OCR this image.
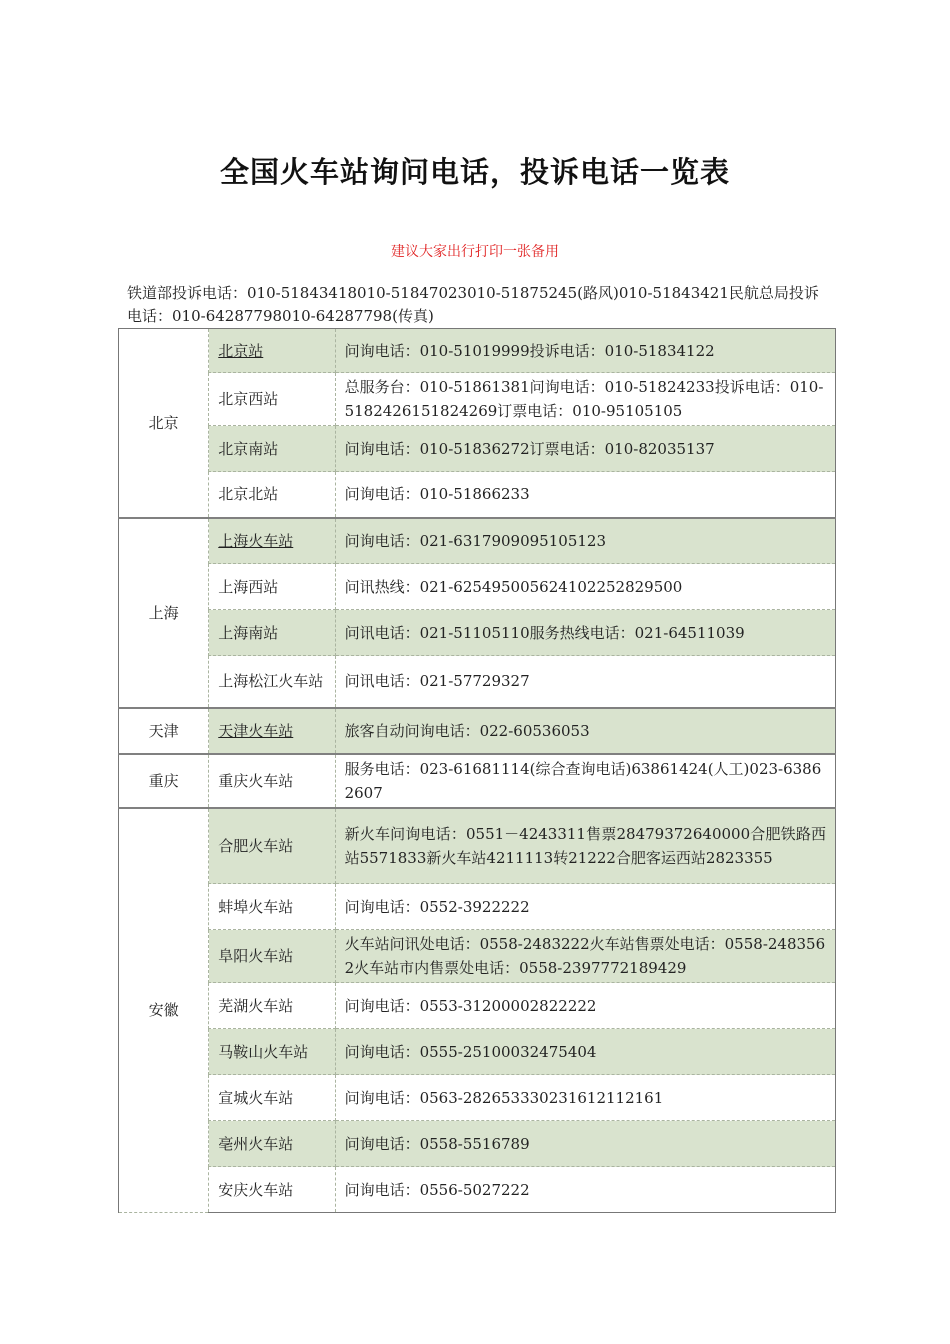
全国火车站询问电话，投诉电话一览表
建议大家出行打印一张备用
铁道部投诉电话：010-51843418010-51847023010-51875245(路风)010-51843421民航总局投诉电话：010-64287798010-64287798(传真)
北京	北京站	问询电话：010-51019999投诉电话：010-51834122
	北京西站	总服务台：010-51861381问询电话：010-51824233投诉电话：010-5182426151824269订票电话：010-95105105
	北京南站	问询电话：010-51836272订票电话：010-82035137
	北京北站	问询电话：010-51866233
上海	上海火车站	问询电话：021-6317909095105123
	上海西站	问讯热线：021-625495005624102252829500
	上海南站	问讯电话：021-51105110服务热线电话：021-64511039
	上海松江火车站	问讯电话：021-57729327
天津	天津火车站	旅客自动问询电话：022-60536053
重庆	重庆火车站	服务电话：023-61681114(综合查询电话)63861424(人工)023-63862607
安徽	合肥火车站	新火车问询电话：0551－4243311售票28479372640000合肥铁路西站5571833新火车站4211113转21222合肥客运西站2823355
	蚌埠火车站	问询电话：0552-3922222
	阜阳火车站	火车站问讯处电话：0558-2483222火车站售票处电话：0558-2483562火车站市内售票处电话：0558-2397772189429
	芜湖火车站	问询电话：0553-31200002822222
	马鞍山火车站	问询电话：0555-25100032475404
	宣城火车站	问询电话：0563-282653330231612112161
	亳州火车站	问询电话：0558-5516789
	安庆火车站	问询电话：0556-5027222
